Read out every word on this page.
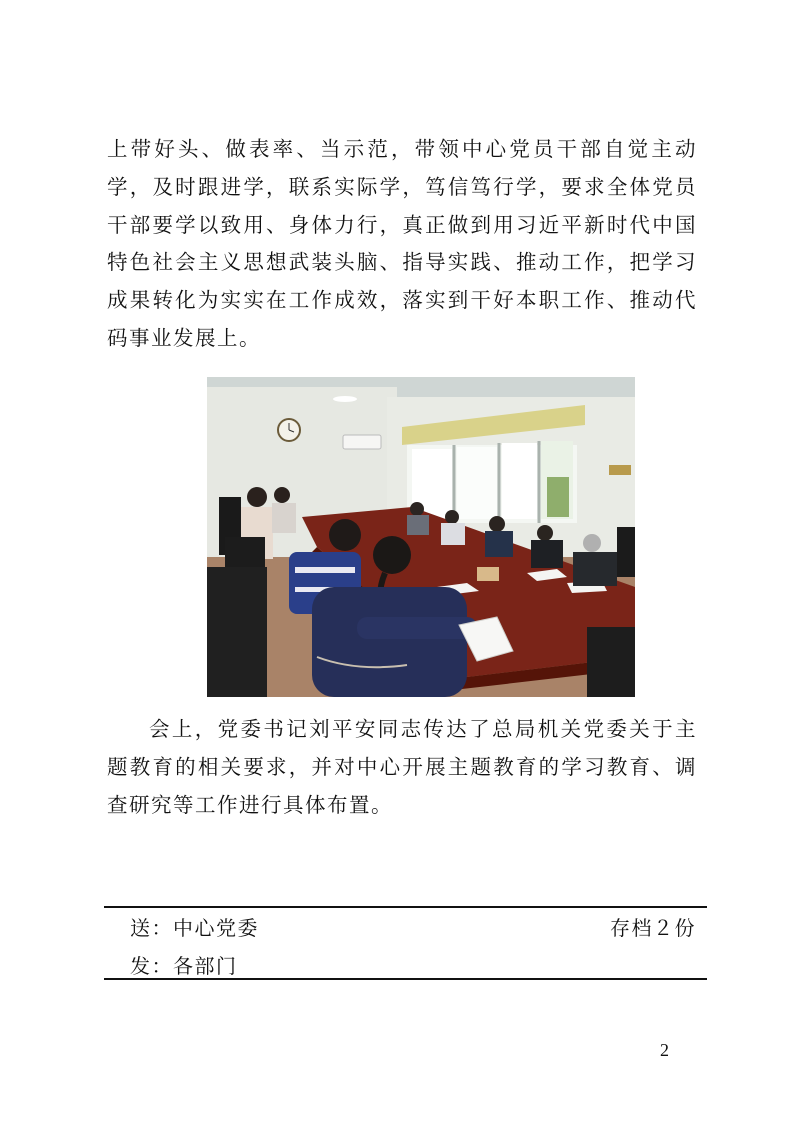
上带好头、做表率、当示范，带领中心党员干部自觉主动学，及时跟进学，联系实际学，笃信笃行学，要求全体党员干部要学以致用、身体力行，真正做到用习近平新时代中国特色社会主义思想武装头脑、指导实践、推动工作，把学习成果转化为实实在工作成效，落实到干好本职工作、推动代码事业发展上。

会上，党委书记刘平安同志传达了总局机关党委关于主题教育的相关要求，并对中心开展主题教育的学习教育、调查研究等工作进行具体布置。

送：中心党委	存档２份
发：各部门
2
